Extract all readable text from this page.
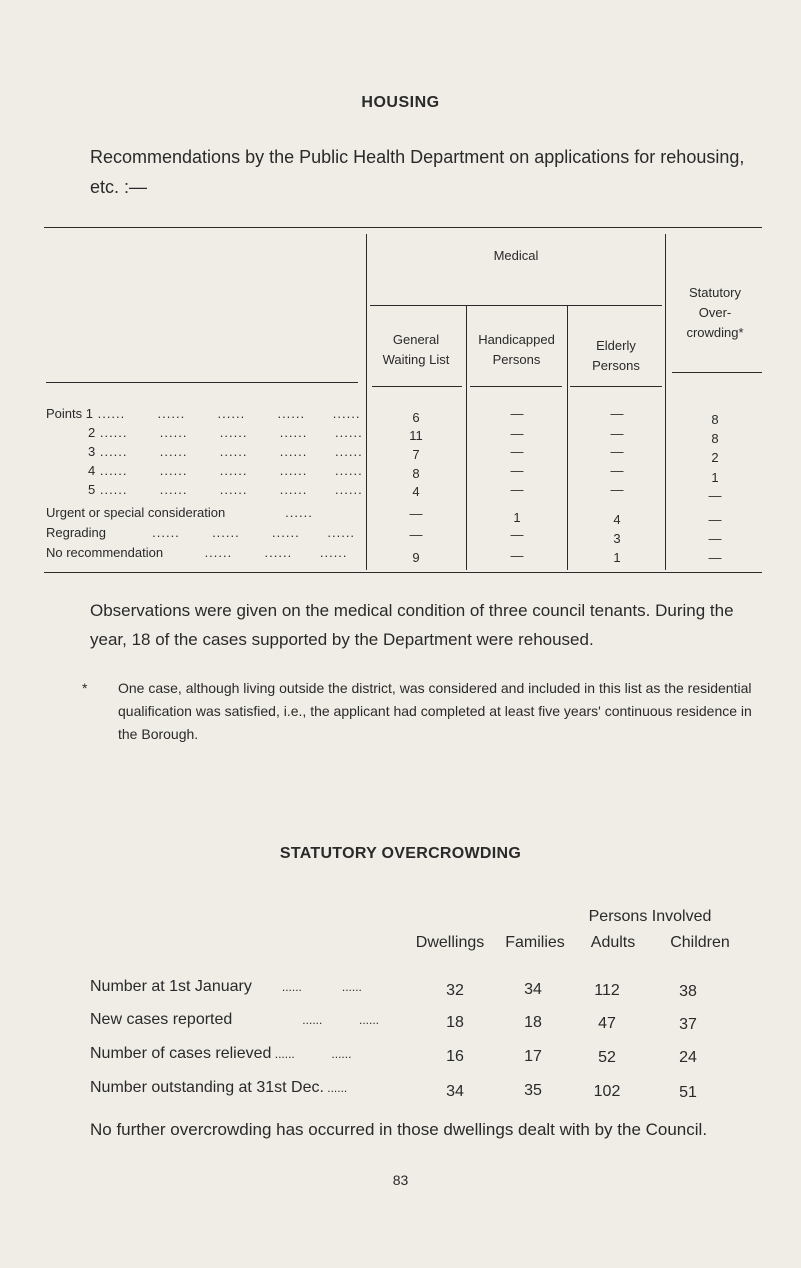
HOUSING
Recommendations by the Public Health Department on applications for rehousing, etc. :—
Medical
General
Waiting List
Handicapped
Persons
Elderly
Persons
Statutory
Over-
crowding*
Points 1 ......       ......       ......       ......      ......	6	—	—	8
2 ......       ......       ......       ......      ......	11	—	—	8
3 ......       ......       ......       ......      ......	7	—	—	2
4 ......       ......       ......       ......      ......	8	—	—	1
5 ......       ......       ......       ......      ......	4	—	—	—
Urgent or special consideration             ......	—	1	4	—
Regrading          ......       ......       ......      ......	—	—	3	—
No recommendation         ......       ......      ......	9	—	1	—
Observations were given on the medical condition of three council tenants. During the year, 18 of the cases supported by the Department were rehoused.
* One case, although living outside the district, was considered and included in this list as the residential qualification was satisfied, i.e., the applicant had completed at least five years' continuous residence in the Borough.
STATUTORY OVERCROWDING
Persons Involved
Dwellings	Families	Adults	Children
Number at 1st January         ......            ......	32	34	112	38
New cases reported                     ......           ......	18	18	47	37
Number of cases relieved ......           ......	16	17	52	24
Number outstanding at 31st Dec. ......	34	35	102	51
No further overcrowding has occurred in those dwellings dealt with by the Council.
83
